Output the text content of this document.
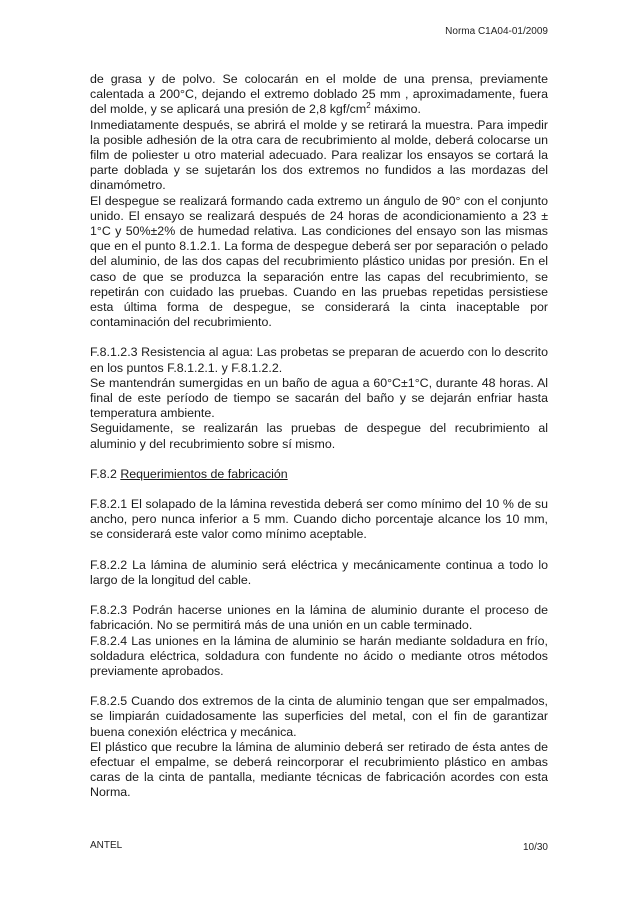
Norma C1A04-01/2009

de grasa y de polvo. Se colocarán en el molde de una prensa, previamente calentada a 200°C, dejando el extremo doblado 25 mm , aproximadamente, fuera del molde, y se aplicará una presión de 2,8 kgf/$cm^2$ máximo.

Inmediatamente después, se abrirá el molde y se retirará la muestra. Para impedir la posible adhesión de la otra cara de recubrimiento al molde, deberá colocarse un film de poliester u otro material adecuado. Para realizar los ensayos se cortará la parte doblada y se sujetarán los dos extremos no fundidos a las mordazas del dinamómetro.

El despegue se realizará formando cada extremo un ángulo de 90° con el conjunto unido. El ensayo se realizará después de 24 horas de acondicionamiento a 23 ± 1°C y 50%±2% de humedad relativa. Las condiciones del ensayo son las mismas que en el punto 8.1.2.1. La forma de despegue deberá ser por separación o pelado del aluminio, de las dos capas del recubrimiento plástico unidas por presión. En el caso de que se produzca la separación entre las capas del recubrimiento, se repetirán con cuidado las pruebas. Cuando en las pruebas repetidas persistiese esta última forma de despegue, se considerará la cinta inaceptable por contaminación del recubrimiento.

F.8.1.2.3 Resistencia al agua: Las probetas se preparan de acuerdo con lo descrito en los puntos F.8.1.2.1. y F.8.1.2.2.

Se mantendrán sumergidas en un baño de agua a 60°C±1°C, durante 48 horas. Al final de este período de tiempo se sacarán del baño y se dejarán enfriar hasta temperatura ambiente.

Seguidamente, se realizarán las pruebas de despegue del recubrimiento al aluminio y del recubrimiento sobre sí mismo.

F.8.2 Requerimientos de fabricación

F.8.2.1 El solapado de la lámina revestida deberá ser como mínimo del 10 % de su ancho, pero nunca inferior a 5 mm. Cuando dicho porcentaje alcance los 10 mm, se considerará este valor como mínimo aceptable.

F.8.2.2 La lámina de aluminio será eléctrica y mecánicamente continua a todo lo largo de la longitud del cable.

F.8.2.3 Podrán hacerse uniones en la lámina de aluminio durante el proceso de fabricación. No se permitirá más de una unión en un cable terminado.

F.8.2.4 Las uniones en la lámina de aluminio se harán mediante soldadura en frío, soldadura eléctrica, soldadura con fundente no ácido o mediante otros métodos previamente aprobados.

F.8.2.5 Cuando dos extremos de la cinta de aluminio tengan que ser empalmados, se limpiarán cuidadosamente las superficies del metal, con el fin de garantizar buena conexión eléctrica y mecánica.

El plástico que recubre la lámina de aluminio deberá ser retirado de ésta antes de efectuar el empalme, se deberá reincorporar el recubrimiento plástico en ambas caras de la cinta de pantalla, mediante técnicas de fabricación acordes con esta Norma.

ANTEL	10/30
